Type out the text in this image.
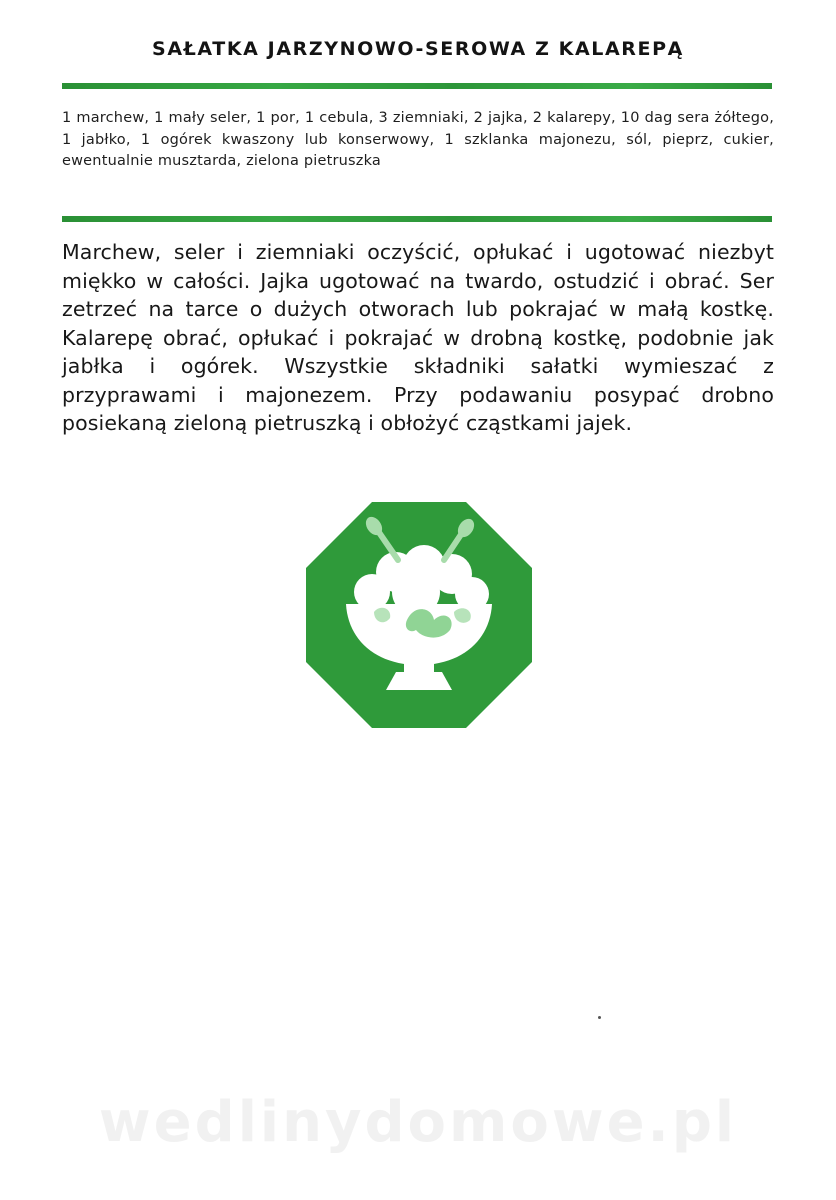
SAŁATKA JARZYNOWO-SEROWA Z KALAREPĄ
1 marchew, 1 mały seler, 1 por, 1 cebula, 3 ziemniaki, 2 jajka, 2 kalarepy, 10 dag sera żółtego, 1 jabłko, 1 ogórek kwaszony lub konserwowy, 1 szklanka majonezu, sól, pieprz, cukier, ewentualnie musztarda, zielona pietruszka
Marchew, seler i ziemniaki oczyścić, opłukać i ugotować niezbyt miękko w całości. Jajka ugotować na twardo, ostudzić i obrać. Ser zetrzeć na tarce o dużych otworach lub pokrajać w małą kostkę. Kalarepę obrać, opłukać i pokrajać w drobną kostkę, podobnie jak jabłka i ogórek. Wszystkie składniki sałatki wymieszać z przyprawami i majonezem. Przy podawaniu posypać drobno posiekaną zieloną pietruszką i obłożyć cząstkami jajek.
wedlinydomowe.pl
